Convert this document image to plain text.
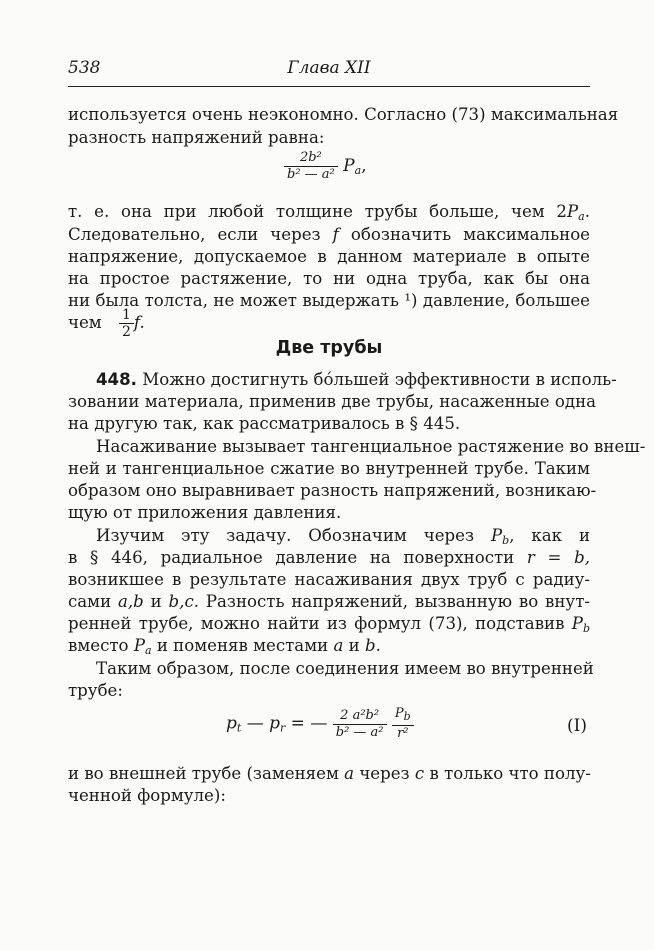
538	Глава XII
используется очень неэкономно. Согласно (73) максимальная
разность напряжений равна:
$\frac{\text{2b²}}{\text{b² — a²}} P_a$,
т. е. она при любой толщине трубы больше, чем $2P_a$.
Следовательно, если через f обозначить максимальное
напряжение, допускаемое в данном материале в опыте
на простое растяжение, то ни одна труба, как бы она
ни была толста, не может выдержать ¹) давление, большее
чем $\frac{1}{2} f$.
Две трубы
448. Можно достигнуть бо́льшей эффективности в исполь-
зовании материала, применив две трубы, насаженные одна
на другую так, как рассматривалось в § 445.
Насаживание вызывает тангенциальное растяжение во внеш-
ней и тангенциальное сжатие во внутренней трубе. Таким
образом оно выравнивает разность напряжений, возникаю-
щую от приложения давления.
Изучим эту задачу. Обозначим через $P_b$, как и
в § 446, радиальное давление на поверхности r = b,
возникшее в результате насаживания двух труб с радиу-
сами a,b и b,c. Разность напряжений, вызванную во внут-
ренней трубе, можно найти из формул (73), подставив $P_b$
вместо $P_a$ и поменяв местами a и b.
Таким образом, после соединения имеем во внутренней
трубе:
$p_t$ — $p_r$ = — $\frac{\text{2 a²b²}}{\text{b² — a²}}$
$\frac{P_b}{\text{r²}}$	(I)
и во внешней трубе (заменяем a через c в только что полу-
ченной формуле):
